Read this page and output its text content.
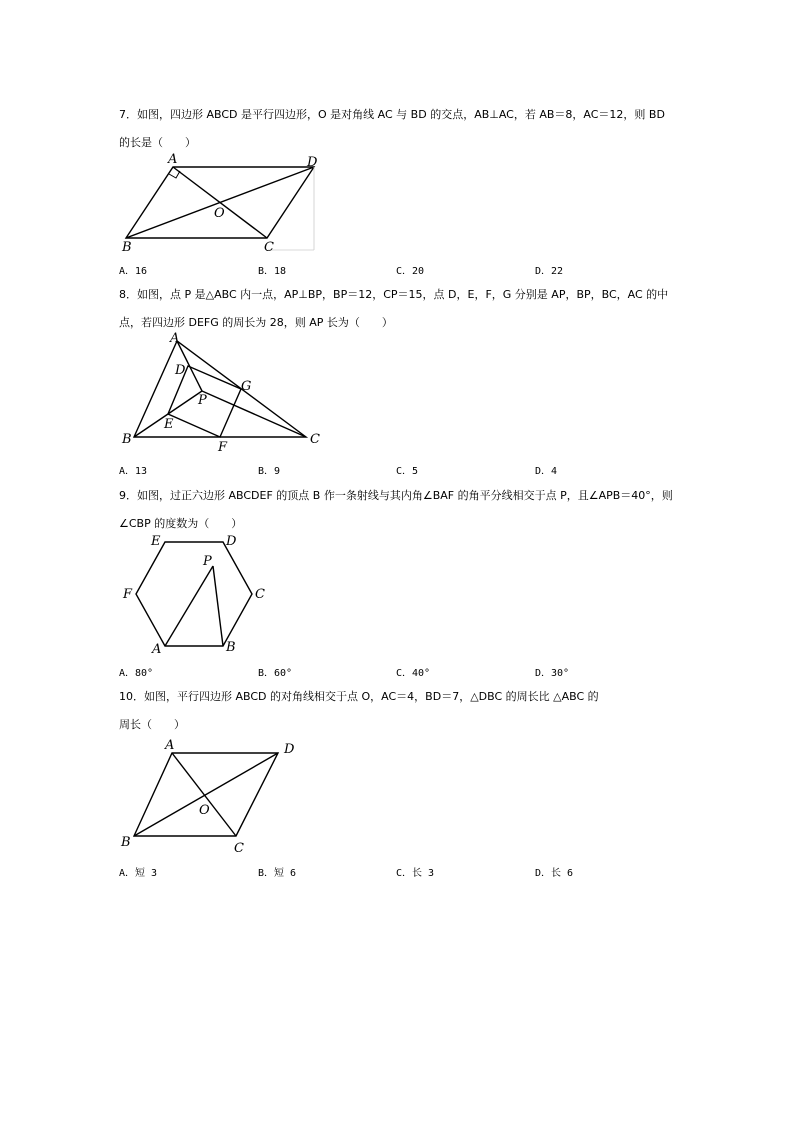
7．如图，四边形 ABCD 是平行四边形，O 是对角线 AC 与 BD 的交点，AB⊥AC，若 AB＝8，AC＝12，则 BD
的长是（　　）
A	D
O
B	C
A．16	B．18	C．20	D．22
8．如图，点 P 是△ABC 内一点，AP⊥BP，BP＝12，CP＝15，点 D，E，F，G 分别是 AP，BP，BC，AC 的中
点，若四边形 DEFG 的周长为 28，则 AP 长为（　　）
A
D
G
P
E
B
F
C
A．13	B．9	C．5	D．4
9．如图，过正六边形 ABCDEF 的顶点 B 作一条射线与其内角∠BAF 的角平分线相交于点 P，且∠APB＝40°，则
∠CBP 的度数为（　　）
E	D
P
F	C
A	B
A．80°	B．60°	C．40°	D．30°
10．如图，平行四边形 ABCD 的对角线相交于点 O，AC＝4，BD＝7，△DBC 的周长比 △ABC 的
周长（　　）
A	D
O
B	C
A．短 3	B．短 6	C．长 3	D．长 6
